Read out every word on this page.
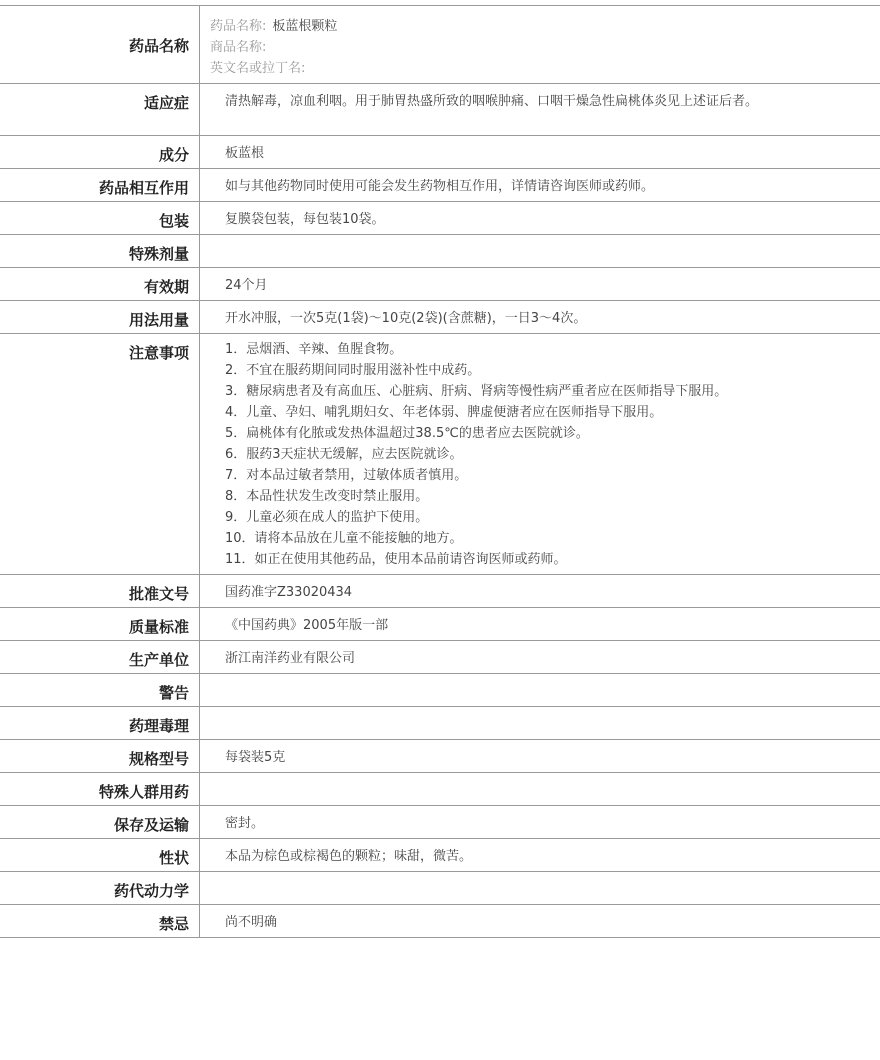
药品名称
药品名称: 板蓝根颗粒
商品名称:
英文名或拉丁名:
适应症	清热解毒，凉血利咽。用于肺胃热盛所致的咽喉肿痛、口咽干燥急性扁桃体炎见上述证后者。
成分	板蓝根
药品相互作用	如与其他药物同时使用可能会发生药物相互作用，详情请咨询医师或药师。
包装	复膜袋包装，每包装10袋。
特殊剂量
有效期	24个月
用法用量	开水冲服，一次5克(1袋)～10克(2袋)(含蔗糖)，一日3～4次。
注意事项	1．忌烟酒、辛辣、鱼腥食物。
2．不宜在服药期间同时服用滋补性中成药。
3．糖尿病患者及有高血压、心脏病、肝病、肾病等慢性病严重者应在医师指导下服用。
4．儿童、孕妇、哺乳期妇女、年老体弱、脾虚便溏者应在医师指导下服用。
5．扁桃体有化脓或发热体温超过38.5℃的患者应去医院就诊。
6．服药3天症状无缓解，应去医院就诊。
7．对本品过敏者禁用，过敏体质者慎用。
8．本品性状发生改变时禁止服用。
9．儿童必须在成人的监护下使用。
10．请将本品放在儿童不能接触的地方。
11．如正在使用其他药品，使用本品前请咨询医师或药师。
批准文号	国药准字Z33020434
质量标准	《中国药典》2005年版一部
生产单位	浙江南洋药业有限公司
警告
药理毒理
规格型号	每袋装5克
特殊人群用药
保存及运输	密封。
性状	本品为棕色或棕褐色的颗粒；味甜，微苦。
药代动力学
禁忌	尚不明确
